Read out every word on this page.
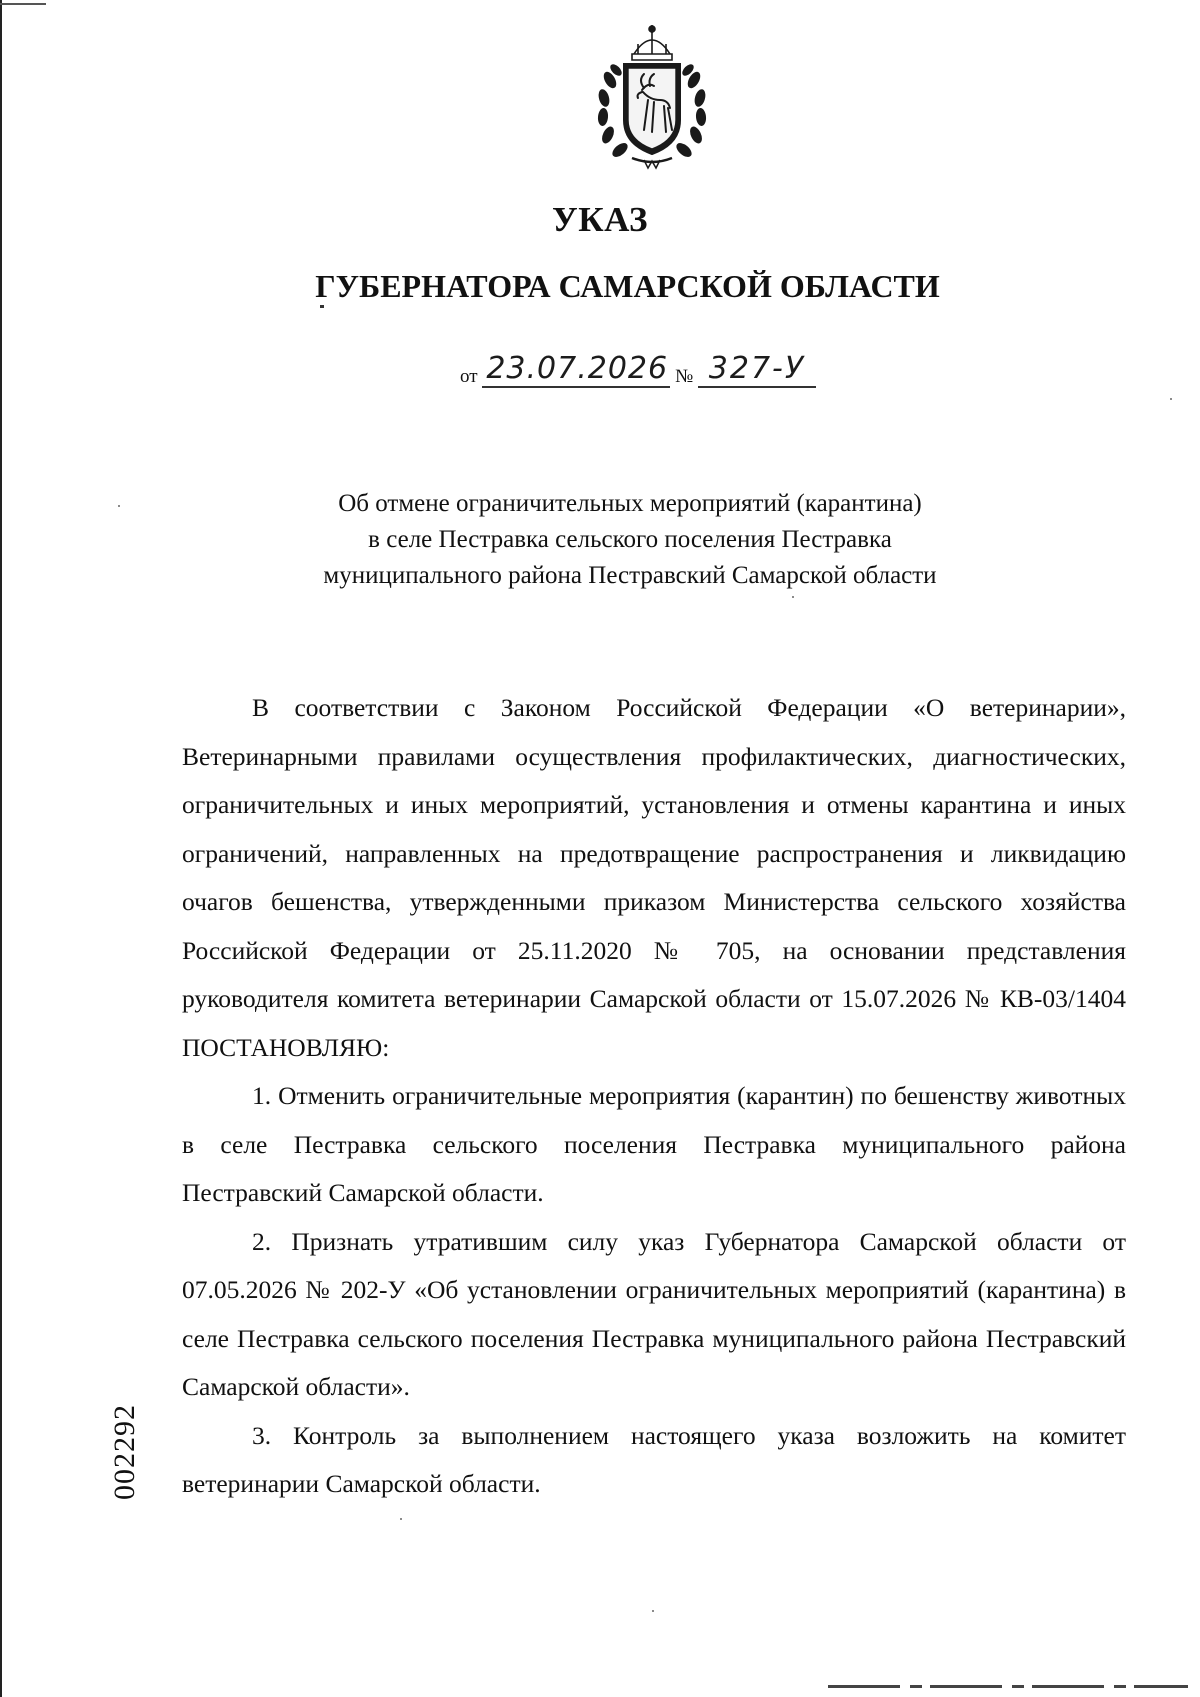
УКАЗ
ГУБЕРНАТОРА САМАРСКОЙ ОБЛАСТИ
от 23.07.2026 № 327-У
Об отмене ограничительных мероприятий (карантина)
в селе Пестравка сельского поселения Пестравка
муниципального района Пестравский Самарской области

В соответствии с Законом Российской Федерации «О ветеринарии», Ветеринарными правилами осуществления профилактических, диагностических, ограничительных и иных мероприятий, установления и отмены карантина и иных ограничений, направленных на предотвращение распространения и ликвидацию очагов бешенства, утвержденными приказом Министерства сельского хозяйства Российской Федерации от 25.11.2020 № 705, на основании представления руководителя комитета ветеринарии Самарской области от 15.07.2026 № КВ-03/1404 ПОСТАНОВЛЯЮ:

1. Отменить ограничительные мероприятия (карантин) по бешенству животных в селе Пестравка сельского поселения Пестравка муниципального района Пестравский Самарской области.

2. Признать утратившим силу указ Губернатора Самарской области от 07.05.2026 № 202-У «Об установлении ограничительных мероприятий (карантина) в селе Пестравка сельского поселения Пестравка муниципального района Пестравский Самарской области».

3. Контроль за выполнением настоящего указа возложить на комитет ветеринарии Самарской области.

002292
